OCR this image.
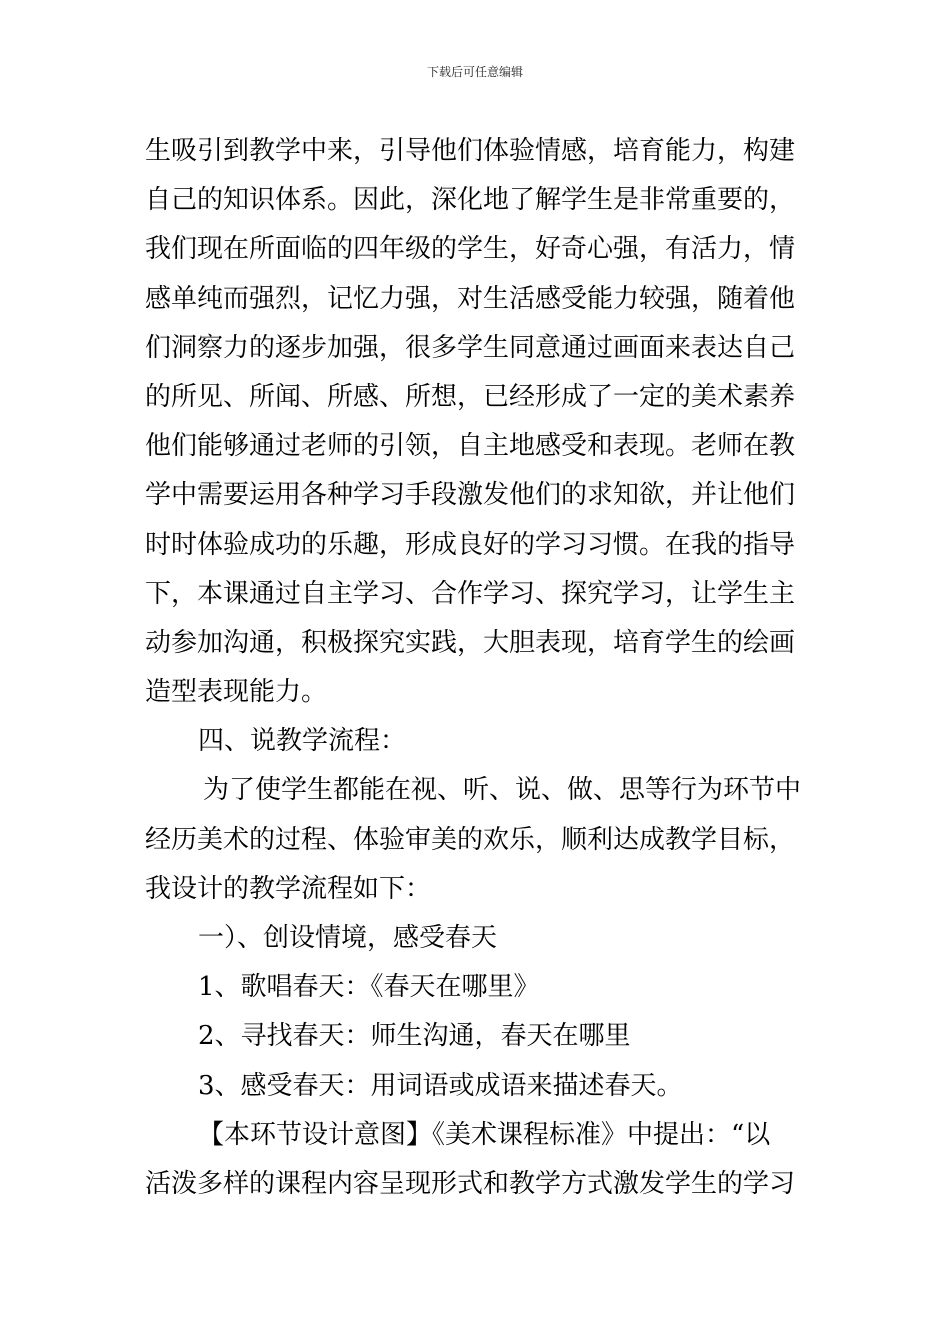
下载后可任意编辑
生吸引到教学中来，引导他们体验情感，培育能力，构建
自己的知识体系。因此，深化地了解学生是非常重要的，
我们现在所面临的四年级的学生，好奇心强，有活力，情
感单纯而强烈，记忆力强，对生活感受能力较强，随着他
们洞察力的逐步加强，很多学生同意通过画面来表达自己
的所见、所闻、所感、所想，已经形成了一定的美术素养
他们能够通过老师的引领，自主地感受和表现。老师在教
学中需要运用各种学习手段激发他们的求知欲，并让他们
时时体验成功的乐趣，形成良好的学习习惯。在我的指导
下，本课通过自主学习、合作学习、探究学习，让学生主
动参加沟通，积极探究实践，大胆表现，培育学生的绘画
造型表现能力。
四、说教学流程：
为了使学生都能在视、听、说、做、思等行为环节中
经历美术的过程、体验审美的欢乐，顺利达成教学目标，
我设计的教学流程如下：
一）、创设情境，感受春天
1、歌唱春天：《春天在哪里》
2、寻找春天：师生沟通，春天在哪里
3、感受春天：用词语或成语来描述春天。
【本环节设计意图】《美术课程标准》中提出：“以
活泼多样的课程内容呈现形式和教学方式激发学生的学习
